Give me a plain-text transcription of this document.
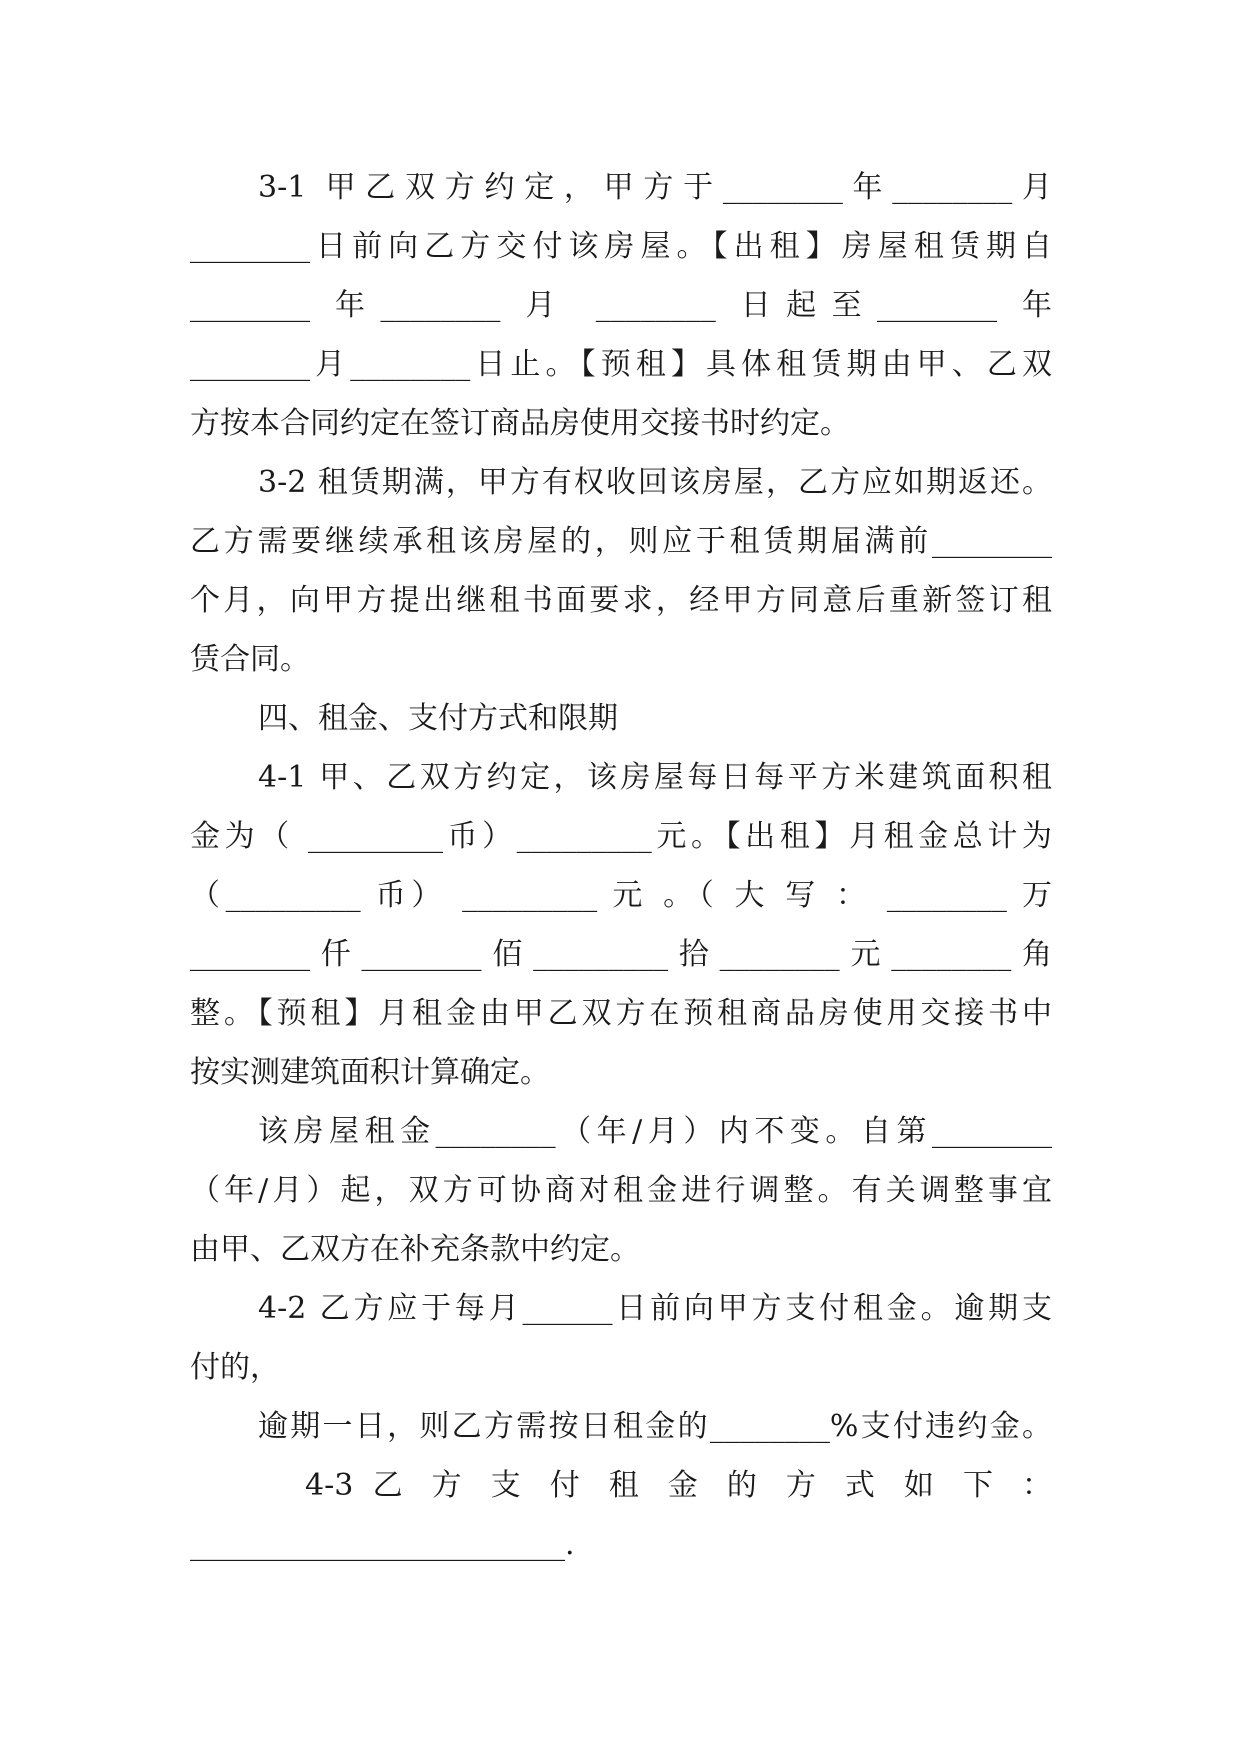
3-1 甲乙双方约定，甲方于________年________月
________日前向乙方交付该房屋。【出租】房屋租赁期自
________ 年________ 月 ________ 日起至________ 年
________月________日止。【预租】具体租赁期由甲、乙双
方按本合同约定在签订商品房使用交接书时约定。
3-2 租赁期满，甲方有权收回该房屋，乙方应如期返还。
乙方需要继续承租该房屋的，则应于租赁期届满前________
个月，向甲方提出继租书面要求，经甲方同意后重新签订租
赁合同。
四、租金、支付方式和限期
4-1 甲、乙双方约定，该房屋每日每平方米建筑面积租
金为（ _________币）_________元。【出租】月租金总计为
（_________ 币） _________ 元 。（ 大 写 ： ________ 万
________仟________佰_________拾________元________角
整。【预租】月租金由甲乙双方在预租商品房使用交接书中
按实测建筑面积计算确定。
该房屋租金________（年/月）内不变。自第________
（年/月）起，双方可协商对租金进行调整。有关调整事宜
由甲、乙双方在补充条款中约定。
4-2 乙方应于每月______日前向甲方支付租金。逾期支
付的，
逾期一日，则乙方需按日租金的________%支付违约金。
4-3 乙 方 支 付 租 金 的 方 式 如 下 ：
_________________________.
